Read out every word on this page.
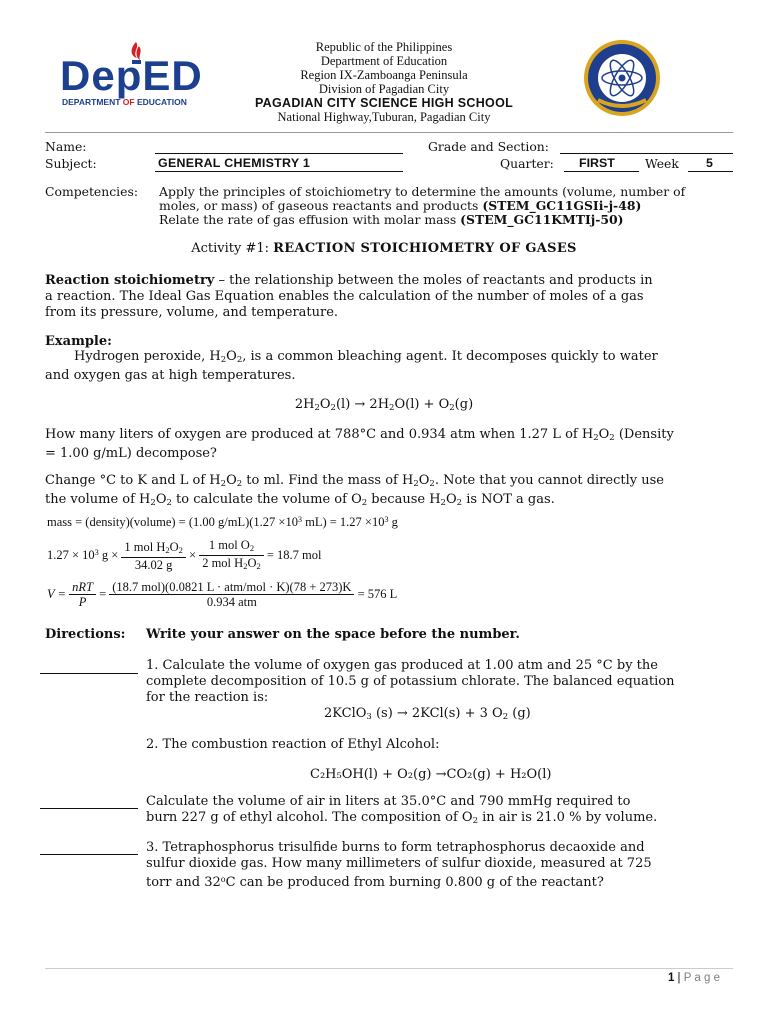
DepED
DEPARTMENT OF EDUCATION
Republic of the Philippines
Department of Education
Region IX-Zamboanga Peninsula
Division of Pagadian City
PAGADIAN CITY SCIENCE HIGH SCHOOL
National Highway,Tuburan, Pagadian City
Name:	Grade and Section:
Subject:	GENERAL CHEMISTRY 1	Quarter: FIRST Week 5
Competencies: Apply the principles of stoichiometry to determine the amounts (volume, number of
moles, or mass) of gaseous reactants and products (STEM_GC11GSIi-j-48)
Relate the rate of gas effusion with molar mass (STEM_GC11KMTIj-50)
Activity #1: REACTION STOICHIOMETRY OF GASES
Reaction stoichiometry – the relationship between the moles of reactants and products in
a reaction. The Ideal Gas Equation enables the calculation of the number of moles of a gas
from its pressure, volume, and temperature.
Example:
Hydrogen peroxide, $H_2O_2$, is a common bleaching agent. It decomposes quickly to water
and oxygen gas at high temperatures.
$2H_2O_2(l) \to 2H_2O(l) + O_2(g)$
How many liters of oxygen are produced at 788°C and 0.934 atm when 1.27 L of $H_2O_2$ (Density
= 1.00 g/mL) decompose?
Change °C to K and L of $H_2O_2$ to ml. Find the mass of $H_2O_2$. Note that you cannot directly use
the volume of $H_2O_2$ to calculate the volume of $O_2$ because $H_2O_2$ is NOT a gas.
mass = (density)(volume) = (1.00 $g/mL)(1.27 \times 10^3$ $mL) = 1.27 \times 10^3$ g
$1.27 \times 10^3$ $g \times \frac{1 mol H_2O_2}{34.02 g} \times \frac{1 mol O_2}{2 mol H_2O_2} = 18.7$ mol
$V = \frac{\text{nRT}}{P} = \frac{\text{(18.7 mol)(0.0821 L · atm/mol · K)(78 + 273)K}}{\text{0.934 atm}} = 576$ L
Directions: Write your answer on the space before the number.
1. Calculate the volume of oxygen gas produced at 1.00 atm and 25 °C by the
complete decomposition of 10.5 g of potassium chlorate. The balanced equation
for the reaction is:
2KClO$_3$ (s) → 2KCl(s) + 3 $O_2$ (g)
2. The combustion reaction of Ethyl Alcohol:
C₂H₅OH(l) + O₂(g) →CO₂(g) + H₂O(l)
Calculate the volume of air in liters at 35.0°C and 790 mmHg required to
burn 227 g of ethyl alcohol. The composition of $O_2$ in air is 21.0 % by volume.
3. Tetraphosphorus trisulfide burns to form tetraphosphorus decaoxide and
sulfur dioxide gas. How many millimeters of sulfur dioxide, measured at 725
torr and 32$^o$C can be produced from burning 0.800 g of the reactant?
1 | P a g e
